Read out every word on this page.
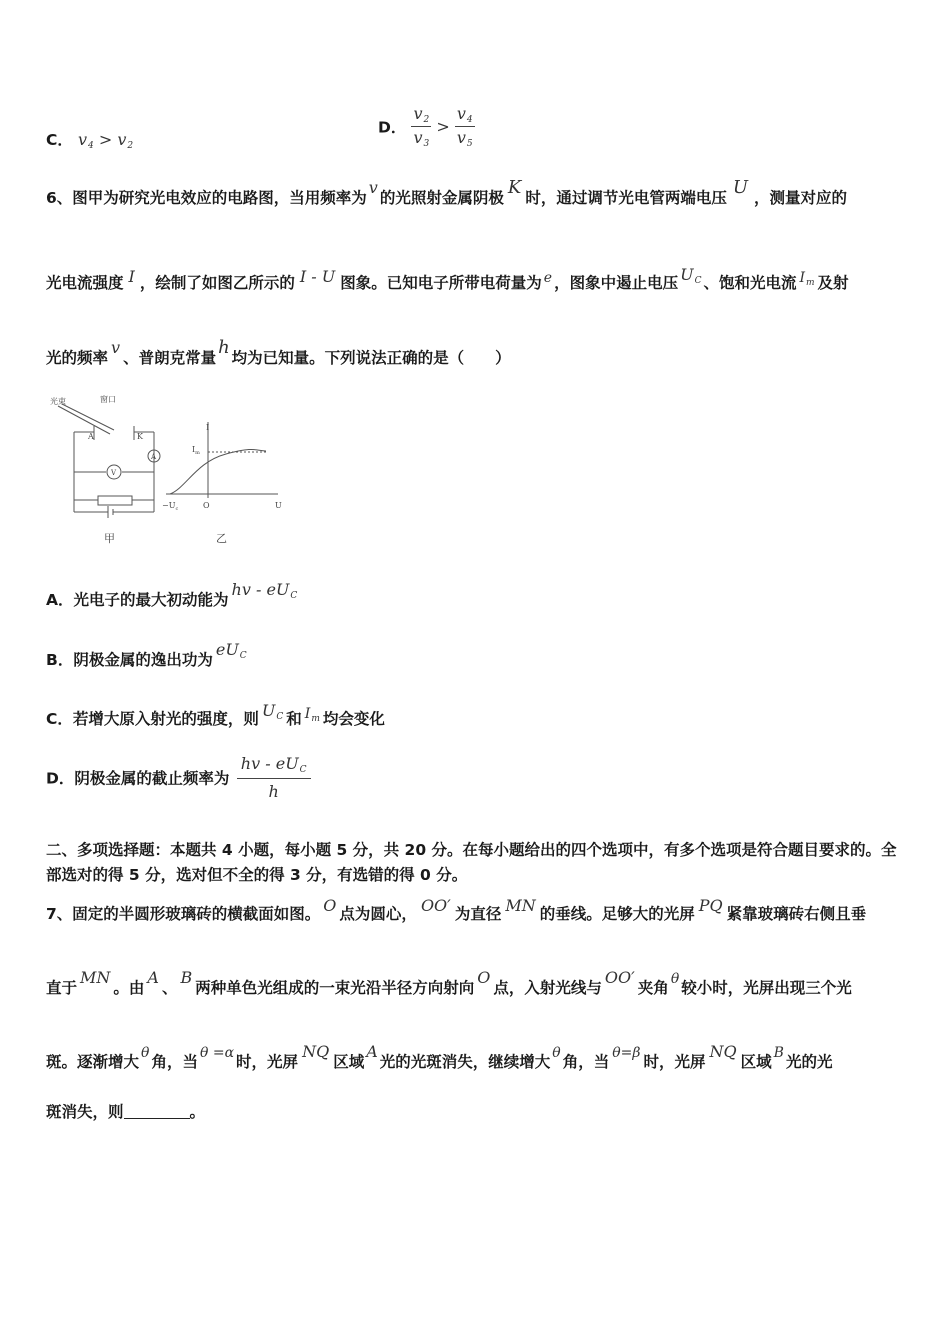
C． $v_4 > v_2$
D． $\frac{v_2}{v_3} > \frac{v_4}{v_5}$
6、图甲为研究光电效应的电路图，当用频率为v的光照射金属阴极 K 时，通过调节光电管两端电压 U ，测量对应的
光电流强度 I ，绘制了如图乙所示的 I - U 图象。已知电子所带电荷量为 e ，图象中遏止电压 $U_C$ 、饱和光电流 $I_m$ 及射
光的频率v、普朗克常量 h 均为已知量。下列说法正确的是（　　）
光束	窗口
A	K
V
A
甲
I
$I_m$
$-U_c$	O	U
乙
A．光电子的最大初动能为hv - $eU_C$
B．阴极金属的逸出功为$eU_C$
C．若增大原入射光的强度，则 $U_C$ 和 $I_m$ 均会变化
D．阴极金属的截止频率为 $\frac{hv - eU_C}{h}$
二、多项选择题：本题共 4 小题，每小题 5 分，共 20 分。在每小题给出的四个选项中，有多个选项是符合题目要求的。全部选对的得 5 分，选对但不全的得 3 分，有选错的得 0 分。
7、固定的半圆形玻璃砖的横截面如图。 O 点为圆心， OO′ 为直径 MN 的垂线。足够大的光屏 PQ 紧靠玻璃砖右侧且垂
直于MN。由A、B两种单色光组成的一束光沿半径方向射向O点，入射光线与OO′夹角 θ 较小时，光屏出现三个光
斑。逐渐增大 θ 角，当 θ =α 时，光屏NQ区域A光的光斑消失，继续增大 θ 角，当 θ=β 时，光屏NQ区域 B 光的光
斑消失，则	。
